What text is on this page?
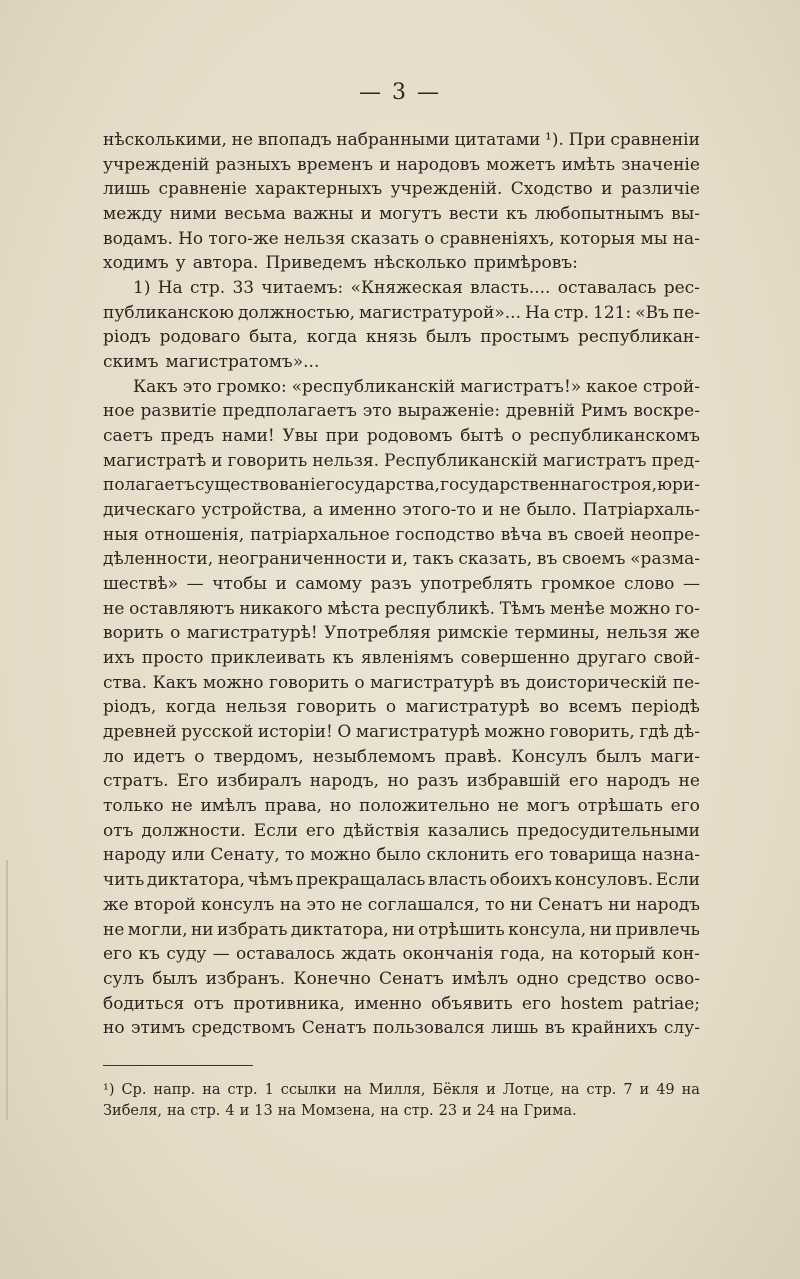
— 3 —
нѣсколькими, не впопадъ набранными цитатами ¹). При сравненіи
учрежденій разныхъ временъ и народовъ можетъ имѣть значеніе
лишь сравненіе характерныхъ учрежденій. Сходство и различіе
между ними весьма важны и могутъ вести къ любопытнымъ вы-
водамъ. Но того-же нельзя сказать о сравненіяхъ, которыя мы на-
ходимъ у автора. Приведемъ нѣсколько примѣровъ:
1) На стр. 33 читаемъ: «Княжеская власть.... оставалась рес-
публиканскою должностью, магистратурой»... На стр. 121: «Въ пе-
ріодъ родоваго быта, когда князь былъ простымъ республикан-
скимъ магистратомъ»...
Какъ это громко: «республиканскій магистратъ!» какое строй-
ное развитіе предполагаетъ это выраженіе: древній Римъ воскре-
саетъ предъ нами! Увы при родовомъ бытѣ о республиканскомъ
магистратѣ и говорить нельзя. Республиканскій магистратъ пред-
полагаетъ существованіе государства, государственнаго строя, юри-
дическаго устройства, а именно этого-то и не было. Патріархаль-
ныя отношенія, патріархальное господство вѣча въ своей неопре-
дѣленности, неограниченности и, такъ сказать, въ своемъ «разма-
шествѣ» — чтобы и самому разъ употреблять громкое слово —
не оставляютъ никакого мѣста республикѣ. Тѣмъ менѣе можно го-
ворить о магистратурѣ! Употребляя римскіе термины, нельзя же
ихъ просто приклеивать къ явленіямъ совершенно другаго свой-
ства. Какъ можно говорить о магистратурѣ въ доисторическій пе-
ріодъ, когда нельзя говорить о магистратурѣ во всемъ періодѣ
древней русской исторіи! О магистратурѣ можно говорить, гдѣ дѣ-
ло идетъ о твердомъ, незыблемомъ правѣ. Консулъ былъ маги-
стратъ. Его избиралъ народъ, но разъ избравшій его народъ не
только не имѣлъ права, но положительно не могъ отрѣшать его
отъ должности. Если его дѣйствія казались предосудительными
народу или Сенату, то можно было склонить его товарища назна-
чить диктатора, чѣмъ прекращалась власть обоихъ консуловъ. Если
же второй консулъ на это не соглашался, то ни Сенатъ ни народъ
не могли, ни избрать диктатора, ни отрѣшить консула, ни привлечь
его къ суду — оставалось ждать окончанія года, на который кон-
сулъ былъ избранъ. Конечно Сенатъ имѣлъ одно средство осво-
бодиться отъ противника, именно объявить его hostem patriae;
но этимъ средствомъ Сенатъ пользовался лишь въ крайнихъ слу-
¹) Ср. напр. на стр. 1 ссылки на Милля, Бёкля и Лотце, на стр. 7 и 49 на
Зибеля, на стр. 4 и 13 на Момзена, на стр. 23 и 24 на Грима.
